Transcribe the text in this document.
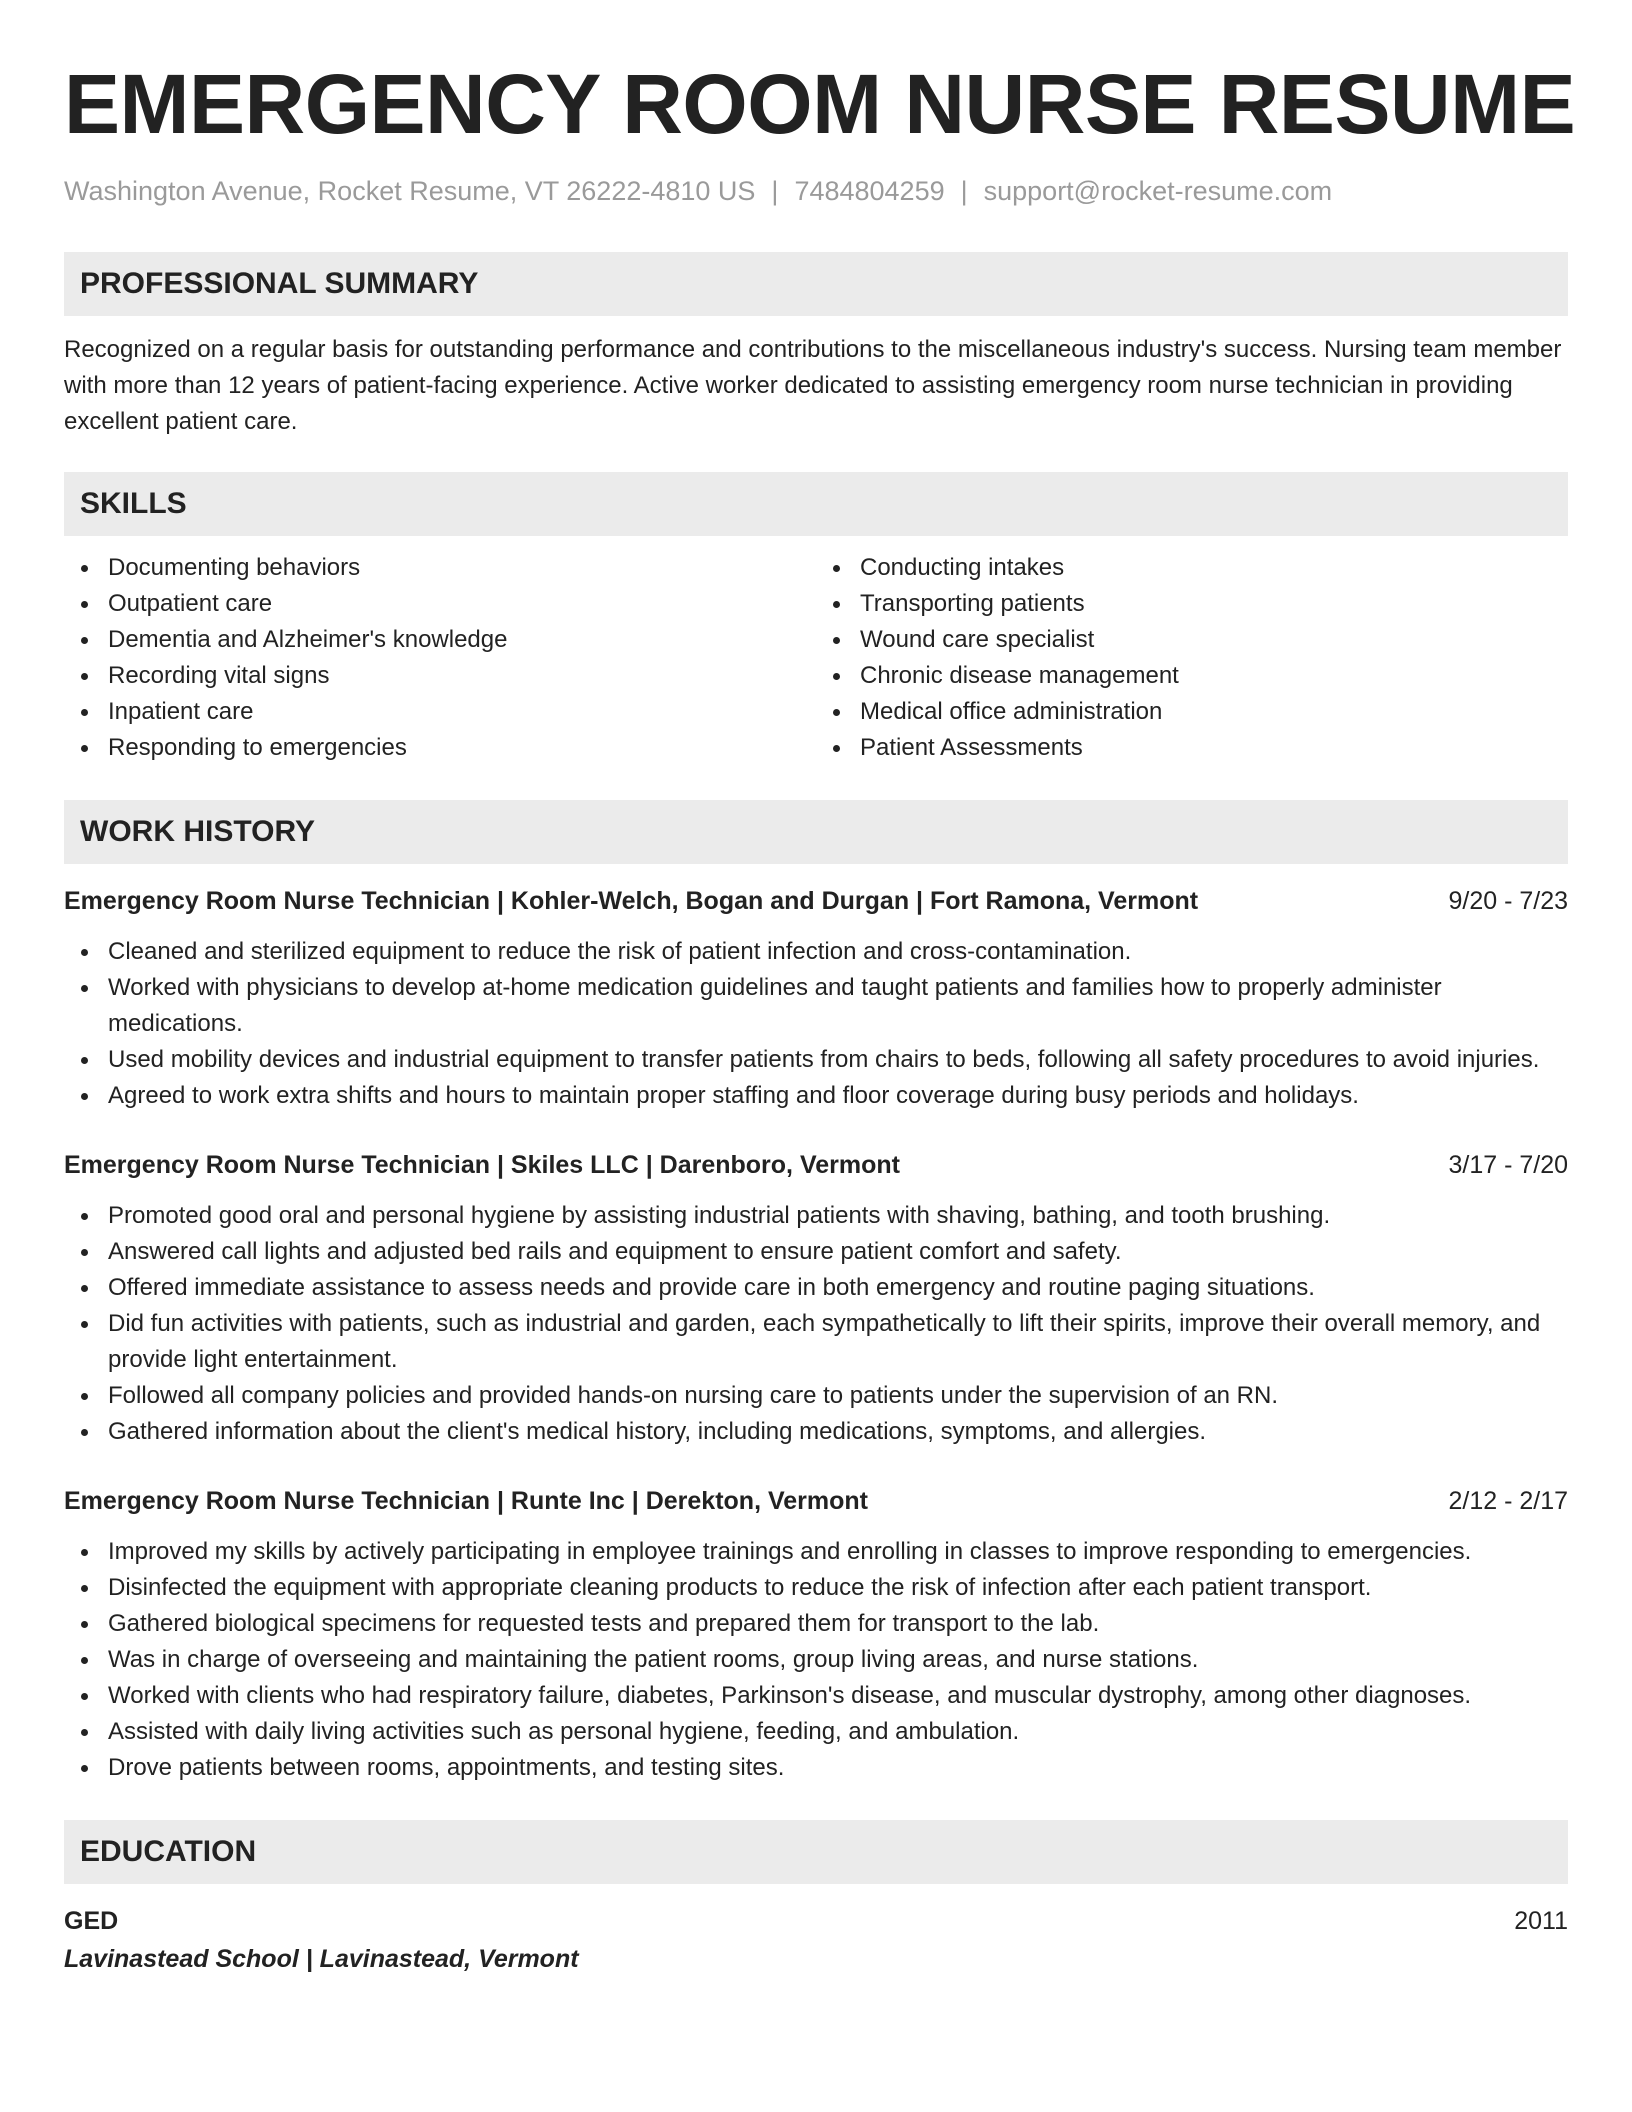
EMERGENCY ROOM NURSE RESUME
Washington Avenue, Rocket Resume, VT 26222-4810 US | 7484804259 | support@rocket-resume.com
PROFESSIONAL SUMMARY
Recognized on a regular basis for outstanding performance and contributions to the miscellaneous industry's success. Nursing team member with more than 12 years of patient-facing experience. Active worker dedicated to assisting emergency room nurse technician in providing excellent patient care.
SKILLS
Documenting behaviors
Outpatient care
Dementia and Alzheimer's knowledge
Recording vital signs
Inpatient care
Responding to emergencies
Conducting intakes
Transporting patients
Wound care specialist
Chronic disease management
Medical office administration
Patient Assessments
WORK HISTORY
Emergency Room Nurse Technician | Kohler-Welch, Bogan and Durgan | Fort Ramona, Vermont	9/20 - 7/23
Cleaned and sterilized equipment to reduce the risk of patient infection and cross-contamination.
Worked with physicians to develop at-home medication guidelines and taught patients and families how to properly administer medications.
Used mobility devices and industrial equipment to transfer patients from chairs to beds, following all safety procedures to avoid injuries.
Agreed to work extra shifts and hours to maintain proper staffing and floor coverage during busy periods and holidays.
Emergency Room Nurse Technician | Skiles LLC | Darenboro, Vermont	3/17 - 7/20
Promoted good oral and personal hygiene by assisting industrial patients with shaving, bathing, and tooth brushing.
Answered call lights and adjusted bed rails and equipment to ensure patient comfort and safety.
Offered immediate assistance to assess needs and provide care in both emergency and routine paging situations.
Did fun activities with patients, such as industrial and garden, each sympathetically to lift their spirits, improve their overall memory, and provide light entertainment.
Followed all company policies and provided hands-on nursing care to patients under the supervision of an RN.
Gathered information about the client's medical history, including medications, symptoms, and allergies.
Emergency Room Nurse Technician | Runte Inc | Derekton, Vermont	2/12 - 2/17
Improved my skills by actively participating in employee trainings and enrolling in classes to improve responding to emergencies.
Disinfected the equipment with appropriate cleaning products to reduce the risk of infection after each patient transport.
Gathered biological specimens for requested tests and prepared them for transport to the lab.
Was in charge of overseeing and maintaining the patient rooms, group living areas, and nurse stations.
Worked with clients who had respiratory failure, diabetes, Parkinson's disease, and muscular dystrophy, among other diagnoses.
Assisted with daily living activities such as personal hygiene, feeding, and ambulation.
Drove patients between rooms, appointments, and testing sites.
EDUCATION
GED	2011
Lavinastead School | Lavinastead, Vermont
